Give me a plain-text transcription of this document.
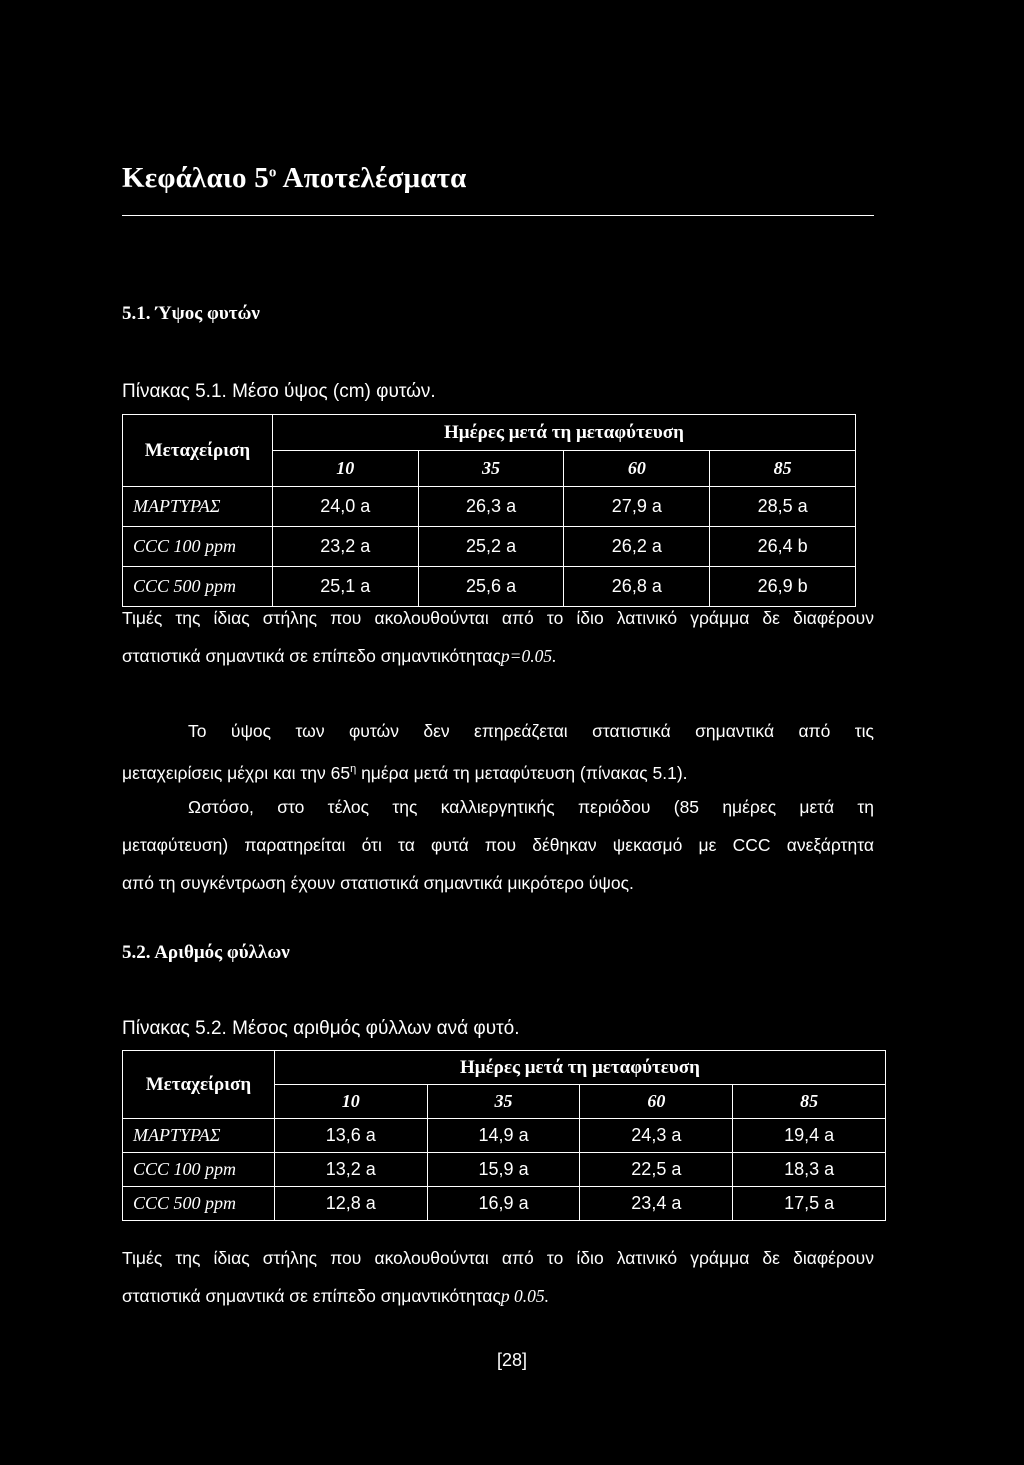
Κεφάλαιο $5^o$ Αποτελέσματα
5.1. Ύψος φυτών
Πίνακας 5.1. Μέσο ύψος (cm) φυτών.
Μεταχείριση	Ημέρες μετά τη μεταφύτευση			
	10	35	60	85
ΜΑΡΤΥΡΑΣ	24,0 a	26,3 a	27,9 a	28,5 a
CCC 100 ppm	23,2 a	25,2 a	26,2 a	26,4 b
CCC 500 ppm	25,1 a	25,6 a	26,8 a	26,9 b
Τιμές της ίδιας στήλης που ακολουθούνται από το ίδιο λατινικό γράμμα δε διαφέρουν
στατιστικά σημαντικά σε επίπεδο σημαντικότηταςp=0.05.
Το ύψος των φυτών δεν επηρεάζεται στατιστικά σημαντικά από τις
μεταχειρίσεις μέχρι και την $65^\eta$ ημέρα μετά τη μεταφύτευση (πίνακας 5.1).
Ωστόσο, στο τέλος της καλλιεργητικής περιόδου (85 ημέρες μετά τη
μεταφύτευση) παρατηρείται ότι τα φυτά που δέθηκαν ψεκασμό με CCC ανεξάρτητα
από τη συγκέντρωση έχουν στατιστικά σημαντικά μικρότερο ύψος.
5.2. Αριθμός φύλλων
Πίνακας 5.2. Μέσος αριθμός φύλλων ανά φυτό.
Μεταχείριση	Ημέρες μετά τη μεταφύτευση			
	10	35	60	85
ΜΑΡΤΥΡΑΣ	13,6 a	14,9 a	24,3 a	19,4 a
CCC 100 ppm	13,2 a	15,9 a	22,5 a	18,3 a
CCC 500 ppm	12,8 a	16,9 a	23,4 a	17,5 a
Τιμές της ίδιας στήλης που ακολουθούνται από το ίδιο λατινικό γράμμα δε διαφέρουν
στατιστικά σημαντικά σε επίπεδο σημαντικότηταςp 0.05.
[28]
